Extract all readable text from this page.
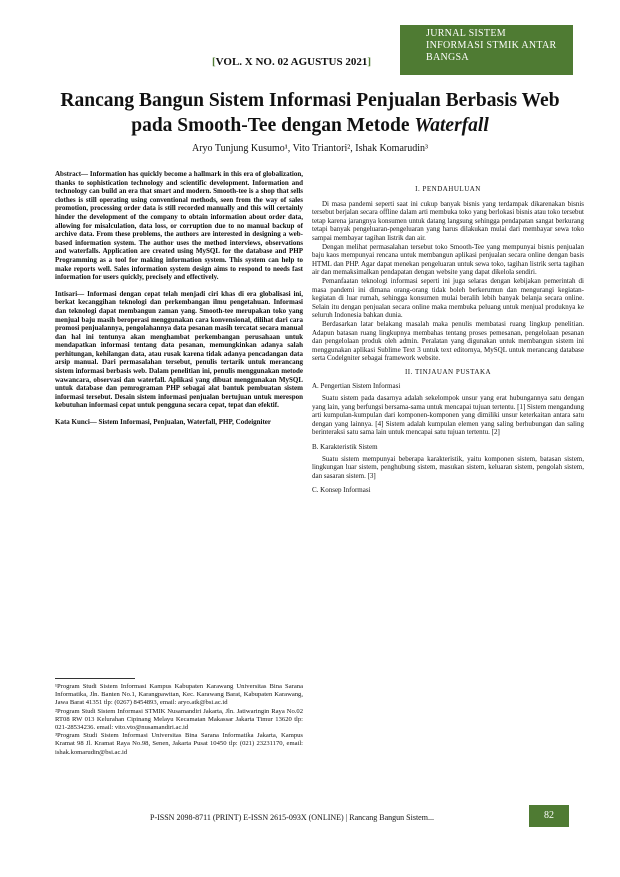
JURNAL SISTEM
INFORMASI STMIK ANTAR
BANGSA
[VOL. X NO. 02 AGUSTUS 2021]
Rancang Bangun Sistem Informasi Penjualan Berbasis Web
pada Smooth-Tee dengan Metode Waterfall
Aryo Tunjung Kusumo¹, Vito Triantori², Ishak Komarudin³

Abstract— Information has quickly become a hallmark in this era of globalization, thanks to sophistication technology and scientific development. Information and technology can build an era that smart and modern. Smooth-tee is a shop that sells clothes is still operating using conventional methods, seen from the way of sales promotion, processing order data is still recorded manually and this will certainly hinder the development of the company to obtain information about order data, allowing for misalculation, data loss, or corruption due to no manual backup of archive data. From these problems, the authors are interested in designing a web-based information system. The author uses the method interviews, observations and waterfalls. Application are created using MySQL for the database and PHP Programming as a tool for making information system. This system can help to make reports well. Sales information system design aims to respond to needs fast information for users quickly, precisely and effectively.

Intisari— Informasi dengan cepat telah menjadi ciri khas di era globalisasi ini, berkat kecanggihan teknologi dan perkembangan ilmu pengetahuan. Informasi dan teknologi dapat membangun zaman yang. Smooth-tee merupakan toko yang menjual baju masih beroperasi menggunakan cara konvensional, dilihat dari cara promosi penjualannya, pengolahannya data pesanan masih tercatat secara manual dan hal ini tentunya akan menghambat perkembangan perusahaan untuk mendapatkan informasi tentang data pesanan, memungkinkan adanya salah perhitungan, kehilangan data, atau rusak karena tidak adanya pencadangan data arsip manual. Dari permasalahan tersebut, penulis tertarik untuk merancang sistem informasi berbasis web. Dalam penelitian ini, penulis menggunakan metode wawancara, observasi dan waterfall. Aplikasi yang dibuat menggunakan MySQL untuk database dan pemrograman PHP sebagai alat bantuk pembuatan sistem informasi tersebut. Desain sistem informasi penjualan bertujuan untuk merespon kebutuhan informasi cepat untuk pengguna secara cepat, tepat dan efektif.

Kata Kunci— Sistem Informasi, Penjualan, Waterfall, PHP, Codeigniter

¹Program Studi Sistem Informasi Kampus Kabupaten Karawang Universitas Bina Sarana Informatika, Jln. Banten No.1, Karangpawitan, Kec. Karawang Barat, Kabupaten Karawang, Jawa Barat 41351 tlp: (0267) 8454893, email: aryo.atk@bsi.ac.id
²Program Studi Sistem Informasi STMIK Nusamandiri Jakarta, Jln. Jatiwaringin Raya No.02 RT08 RW 013 Kelurahan Cipinang Melayu Kecamatan Makassar Jakarta Timur 13620 tlp: 021-28534236. email: vito.vto@nusamandiri.ac.id
³Program Studi Sistem Informasi Universitas Bina Sarana Informatika Jakarta, Kampus Kramat 98 Jl. Kramat Raya No.98, Senen, Jakarta Pusat 10450 tlp: (021) 23231170, email: ishak.komarudin@bsi.ac.id

I. PENDAHULUAN

Di masa pandemi seperti saat ini cukup banyak bisnis yang terdampak dikarenakan bisnis tersebut berjalan secara offline dalam arti membuka toko yang berlokasi bisnis atau toko tersebut tetap karena jarangnya konsumen untuk datang langsung sehingga pendapatan sangat berkurang tetapi banyak pengeluaran-pengeluaran yang harus dilakukan mulai dari membayar sewa toko sampai membayar tagihan listrik dan air.

Dengan melihat permasalahan tersebut toko Smooth-Tee yang mempunyai bisnis penjualan baju kaos mempunyai rencana untuk membangun aplikasi penjualan secara online dengan basis HTML dan PHP. Agar dapat menekan pengeluaran untuk sewa toko, tagihan listrik serta tagihan air dan memaksimalkan pendapatan dengan website yang dapat dikelola sendiri.

Pemanfaatan teknologi informasi seperti ini juga selaras dengan kebijakan pemerintah di masa pandemi ini dimana orang-orang tidak boleh berkerumun dan mengurangi kegiatan-kegiatan di luar rumah, sehingga konsumen mulai beralih lebih banyak belanja secara online. Selain itu dengan penjualan secara online maka membuka peluang untuk menjual produknya ke seluruh Indonesia bahkan dunia.

Berdasarkan latar belakang masalah maka penulis membatasi ruang lingkup penelitian. Adapun batasan ruang lingkupnya membahas tentang proses pemesanan, pengelolaan pesanan dan pengelolaan produk oleh admin. Peralatan yang digunakan untuk membangun sistem ini menggunakan aplikasi Sublime Text 3 untuk text editornya, MySQL untuk merancang database serta Codelgniter sebagai framework website.

II. TINJAUAN PUSTAKA

A. Pengertian Sistem Informasi

Suatu sistem pada dasarnya adalah sekelompok unsur yang erat hubungannya satu dengan yang lain, yang berfungsi bersama-sama untuk mencapai tujuan tertentu. [1] Sistem mengandung arti kumpulan-kumpulan dari komponen-komponen yang dimiliki unsur keterkaitan antara satu dengan yang lainnya. [4] Sistem adalah kumpulan elemen yang saling berhubungan dan saling berinteraksi satu sama lain untuk mencapai satu tujuan tertentu. [2]

B. Karakteristik Sistem

Suatu sistem mempunyai beberapa karakteristik, yaitu komponen sistem, batasan sistem, lingkungan luar sistem, penghubung sistem, masukan sistem, keluaran sistem, pengolah sistem, dan sasaran sistem. [3]

C. Konsep Informasi

P-ISSN 2098-8711 (PRINT) E-ISSN 2615-093X (ONLINE) | Rancang Bangun Sistem...	82
